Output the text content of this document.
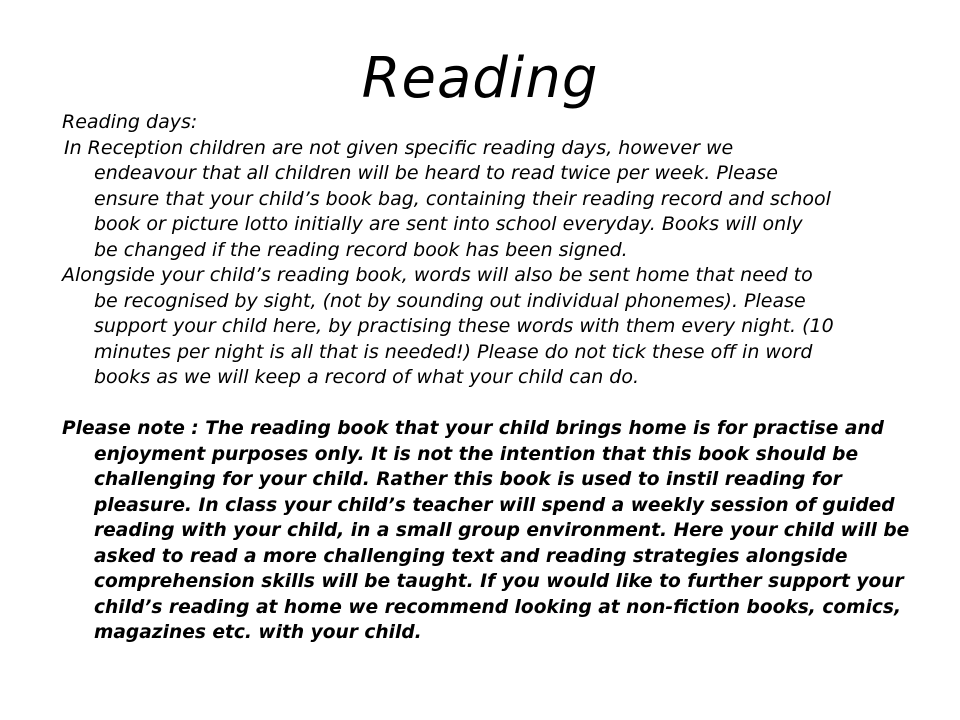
Reading
Reading days:
In Reception children are not given specific reading days, however we
endeavour that all children will be heard to read twice per week. Please
ensure that your child’s book bag, containing their reading record and school
book or picture lotto initially are sent into school everyday. Books will only
be changed if the reading record book has been signed.
Alongside your child’s reading book, words will also be sent home that need to
be recognised by sight, (not by sounding out individual phonemes). Please
support your child here, by practising these words with them every night. (10
minutes per night is all that is needed!) Please do not tick these off in word
books as we will keep a record of what your child can do.
Please note : The reading book that your child brings home is for practise and
enjoyment purposes only. It is not the intention that this book should be
challenging for your child. Rather this book is used to instil reading for
pleasure. In class your child’s teacher will spend a weekly session of guided
reading with your child, in a small group environment. Here your child will be
asked to read a more challenging text and reading strategies alongside
comprehension skills will be taught. If you would like to further support your
child’s reading at home we recommend looking at non-fiction books, comics,
magazines etc. with your child.
